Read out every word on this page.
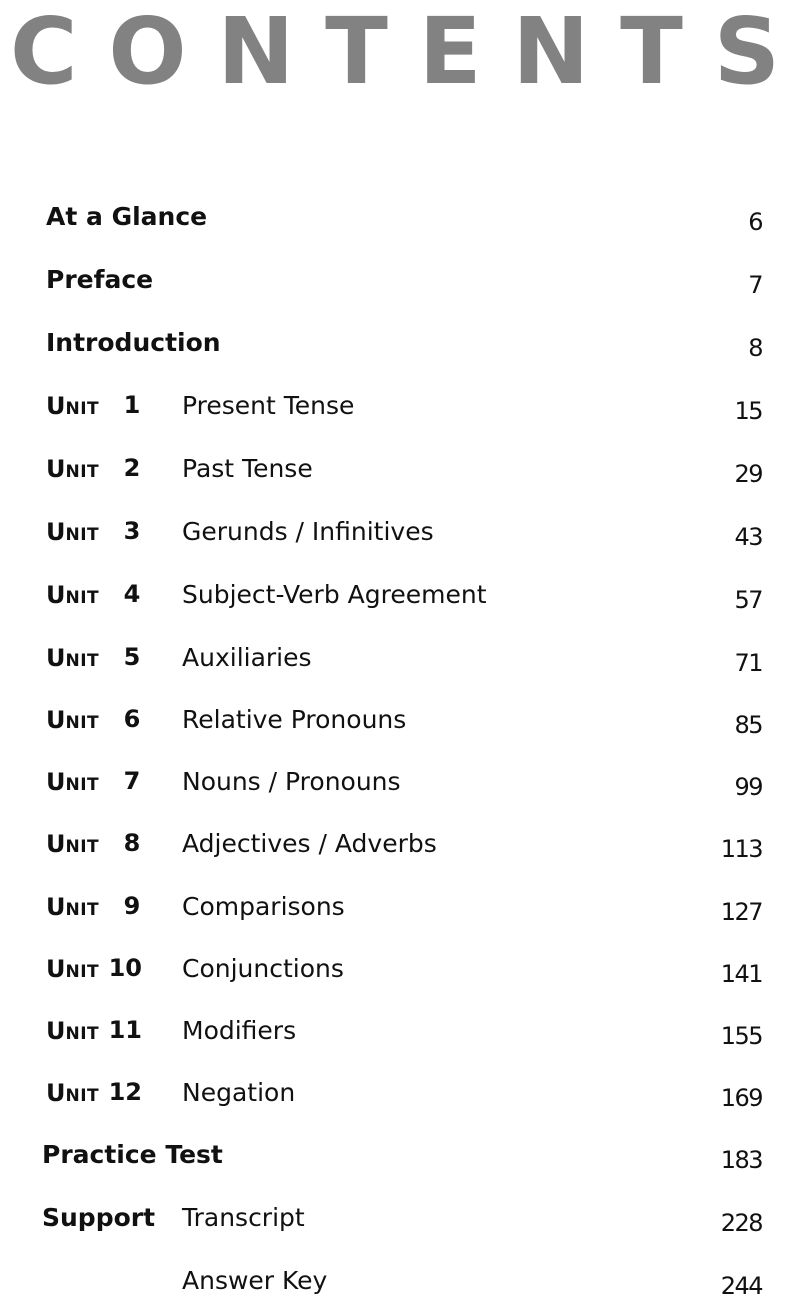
C O N T E N T S
At a Glance	6
Preface	7
Introduction	8
UNIT 1 Present Tense	15
UNIT 2 Past Tense	29
UNIT 3 Gerunds / Infinitives	43
UNIT 4 Subject-Verb Agreement	57
UNIT 5 Auxiliaries	71
UNIT 6 Relative Pronouns	85
UNIT 7 Nouns / Pronouns	99
UNIT 8 Adjectives / Adverbs	113
UNIT 9 Comparisons	127
UNIT 10 Conjunctions	141
UNIT 11 Modifiers	155
UNIT 12 Negation	169
Practice Test	183
Support Transcript	228
Answer Key	244
